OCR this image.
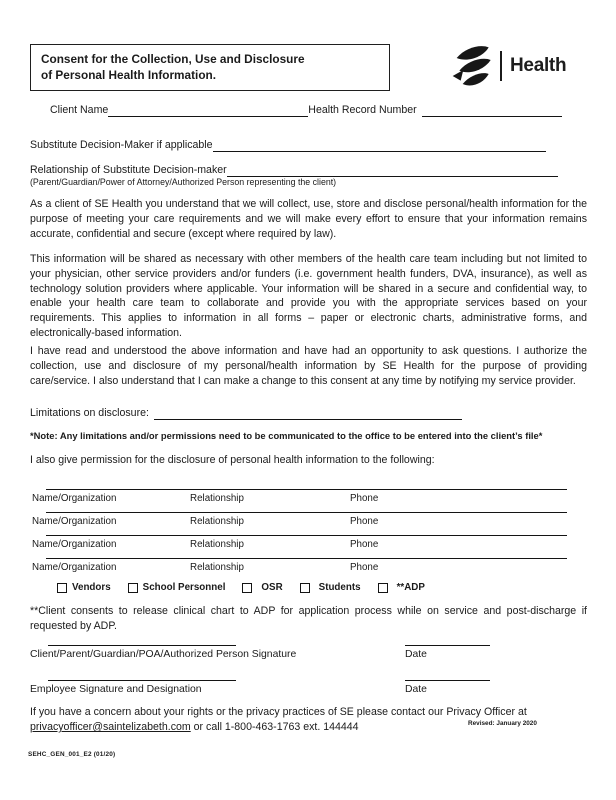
Consent for the Collection, Use and Disclosure
of Personal Health Information.	Health
Client Name	Health Record Number
Substitute Decision-Maker if applicable
Relationship of Substitute Decision-maker
(Parent/Guardian/Power of Attorney/Authorized Person representing the client)
As a client of SE Health you understand that we will collect, use, store and disclose personal/health information for the purpose of meeting your care requirements and we will make every effort to ensure that your information remains accurate, confidential and secure (except where required by law).
This information will be shared as necessary with other members of the health care team including but not limited to your physician, other service providers and/or funders (i.e. government health funders, DVA, insurance), as well as technology solution providers where applicable. Your information will be shared in a secure and confidential way, to enable your health care team to collaborate and provide you with the appropriate services based on your requirements. This applies to information in all forms – paper or electronic charts, administrative forms, and electronically-based information.
I have read and understood the above information and have had an opportunity to ask questions. I authorize the collection, use and disclosure of my personal/health information by SE Health for the purpose of providing care/service. I also understand that I can make a change to this consent at any time by notifying my service provider.
Limitations on disclosure:
*Note: Any limitations and/or permissions need to be communicated to the office to be entered into the client’s file*
I also give permission for the disclosure of personal health information to the following:
Name/Organization	Relationship	Phone
Name/Organization	Relationship	Phone
Name/Organization	Relationship	Phone
Name/Organization	Relationship	Phone
Vendors	School Personnel	OSR	Students	**ADP
**Client consents to release clinical chart to ADP for application process while on service and post-discharge if requested by ADP.
Client/Parent/Guardian/POA/Authorized Person Signature	Date
Employee Signature and Designation	Date
If you have a concern about your rights or the privacy practices of SE please contact our Privacy Officer at
privacyofficer@saintelizabeth.com or call 1-800-463-1763 ext. 144444	Revised: January 2020
SEHC_GEN_001_E2 (01/20)
